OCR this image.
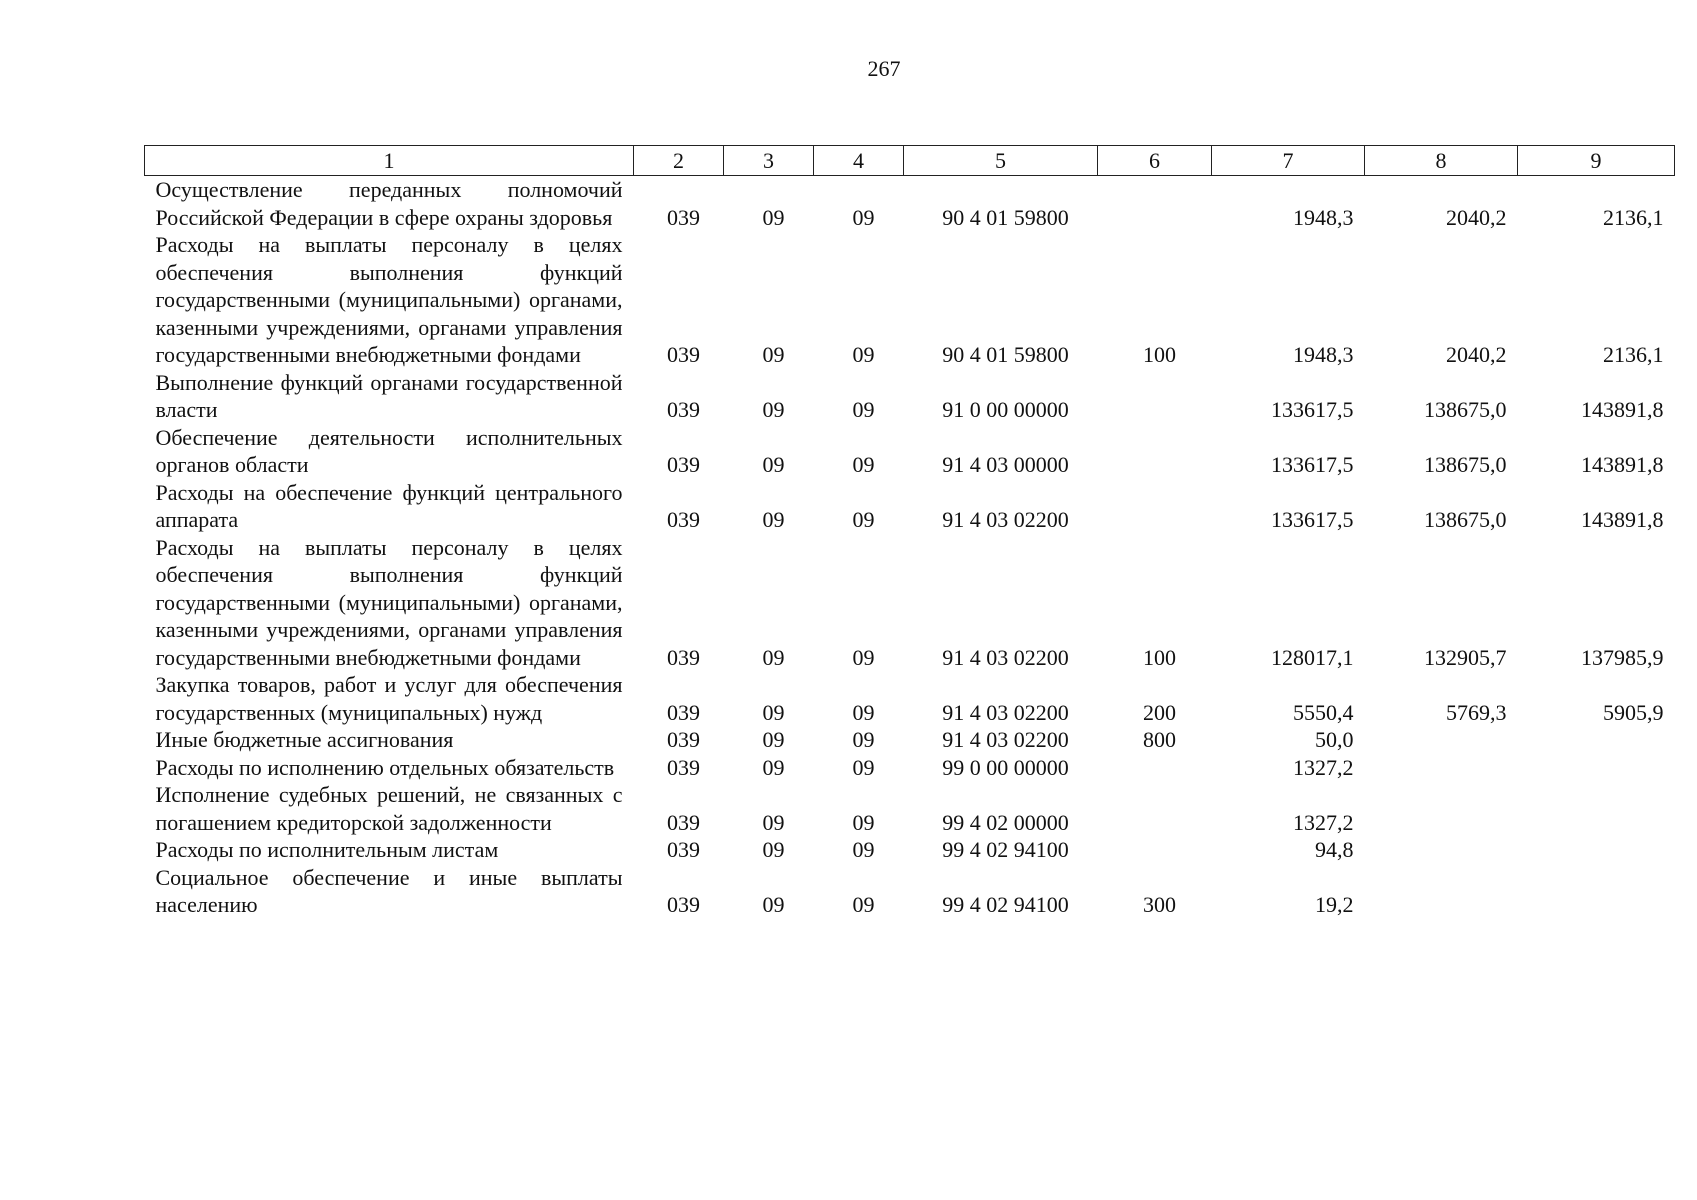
267
1	2	3	4	5	6	7	8	9
Осуществление переданных полномочий Российской Федерации в сфере охраны здоровья	039	09	09	90 4 01 59800		1948,3	2040,2	2136,1
Расходы на выплаты персоналу в целях обеспечения выполнения функций государственными (муниципальными) органами, казенными учреждениями, органами управления государственными внебюджетными фондами	039	09	09	90 4 01 59800	100	1948,3	2040,2	2136,1
Выполнение функций органами государственной власти	039	09	09	91 0 00 00000		133617,5	138675,0	143891,8
Обеспечение деятельности исполнительных органов области	039	09	09	91 4 03 00000		133617,5	138675,0	143891,8
Расходы на обеспечение функций центрального аппарата	039	09	09	91 4 03 02200		133617,5	138675,0	143891,8
Расходы на выплаты персоналу в целях обеспечения выполнения функций государственными (муниципальными) органами, казенными учреждениями, органами управления государственными внебюджетными фондами	039	09	09	91 4 03 02200	100	128017,1	132905,7	137985,9
Закупка товаров, работ и услуг для обеспечения государственных (муниципальных) нужд	039	09	09	91 4 03 02200	200	5550,4	5769,3	5905,9
Иные бюджетные ассигнования	039	09	09	91 4 03 02200	800	50,0		
Расходы по исполнению отдельных обязательств	039	09	09	99 0 00 00000		1327,2		
Исполнение судебных решений, не связанных с погашением кредиторской задолженности	039	09	09	99 4 02 00000		1327,2		
Расходы по исполнительным листам	039	09	09	99 4 02 94100		94,8		
Социальное обеспечение и иные выплаты населению	039	09	09	99 4 02 94100	300	19,2		
